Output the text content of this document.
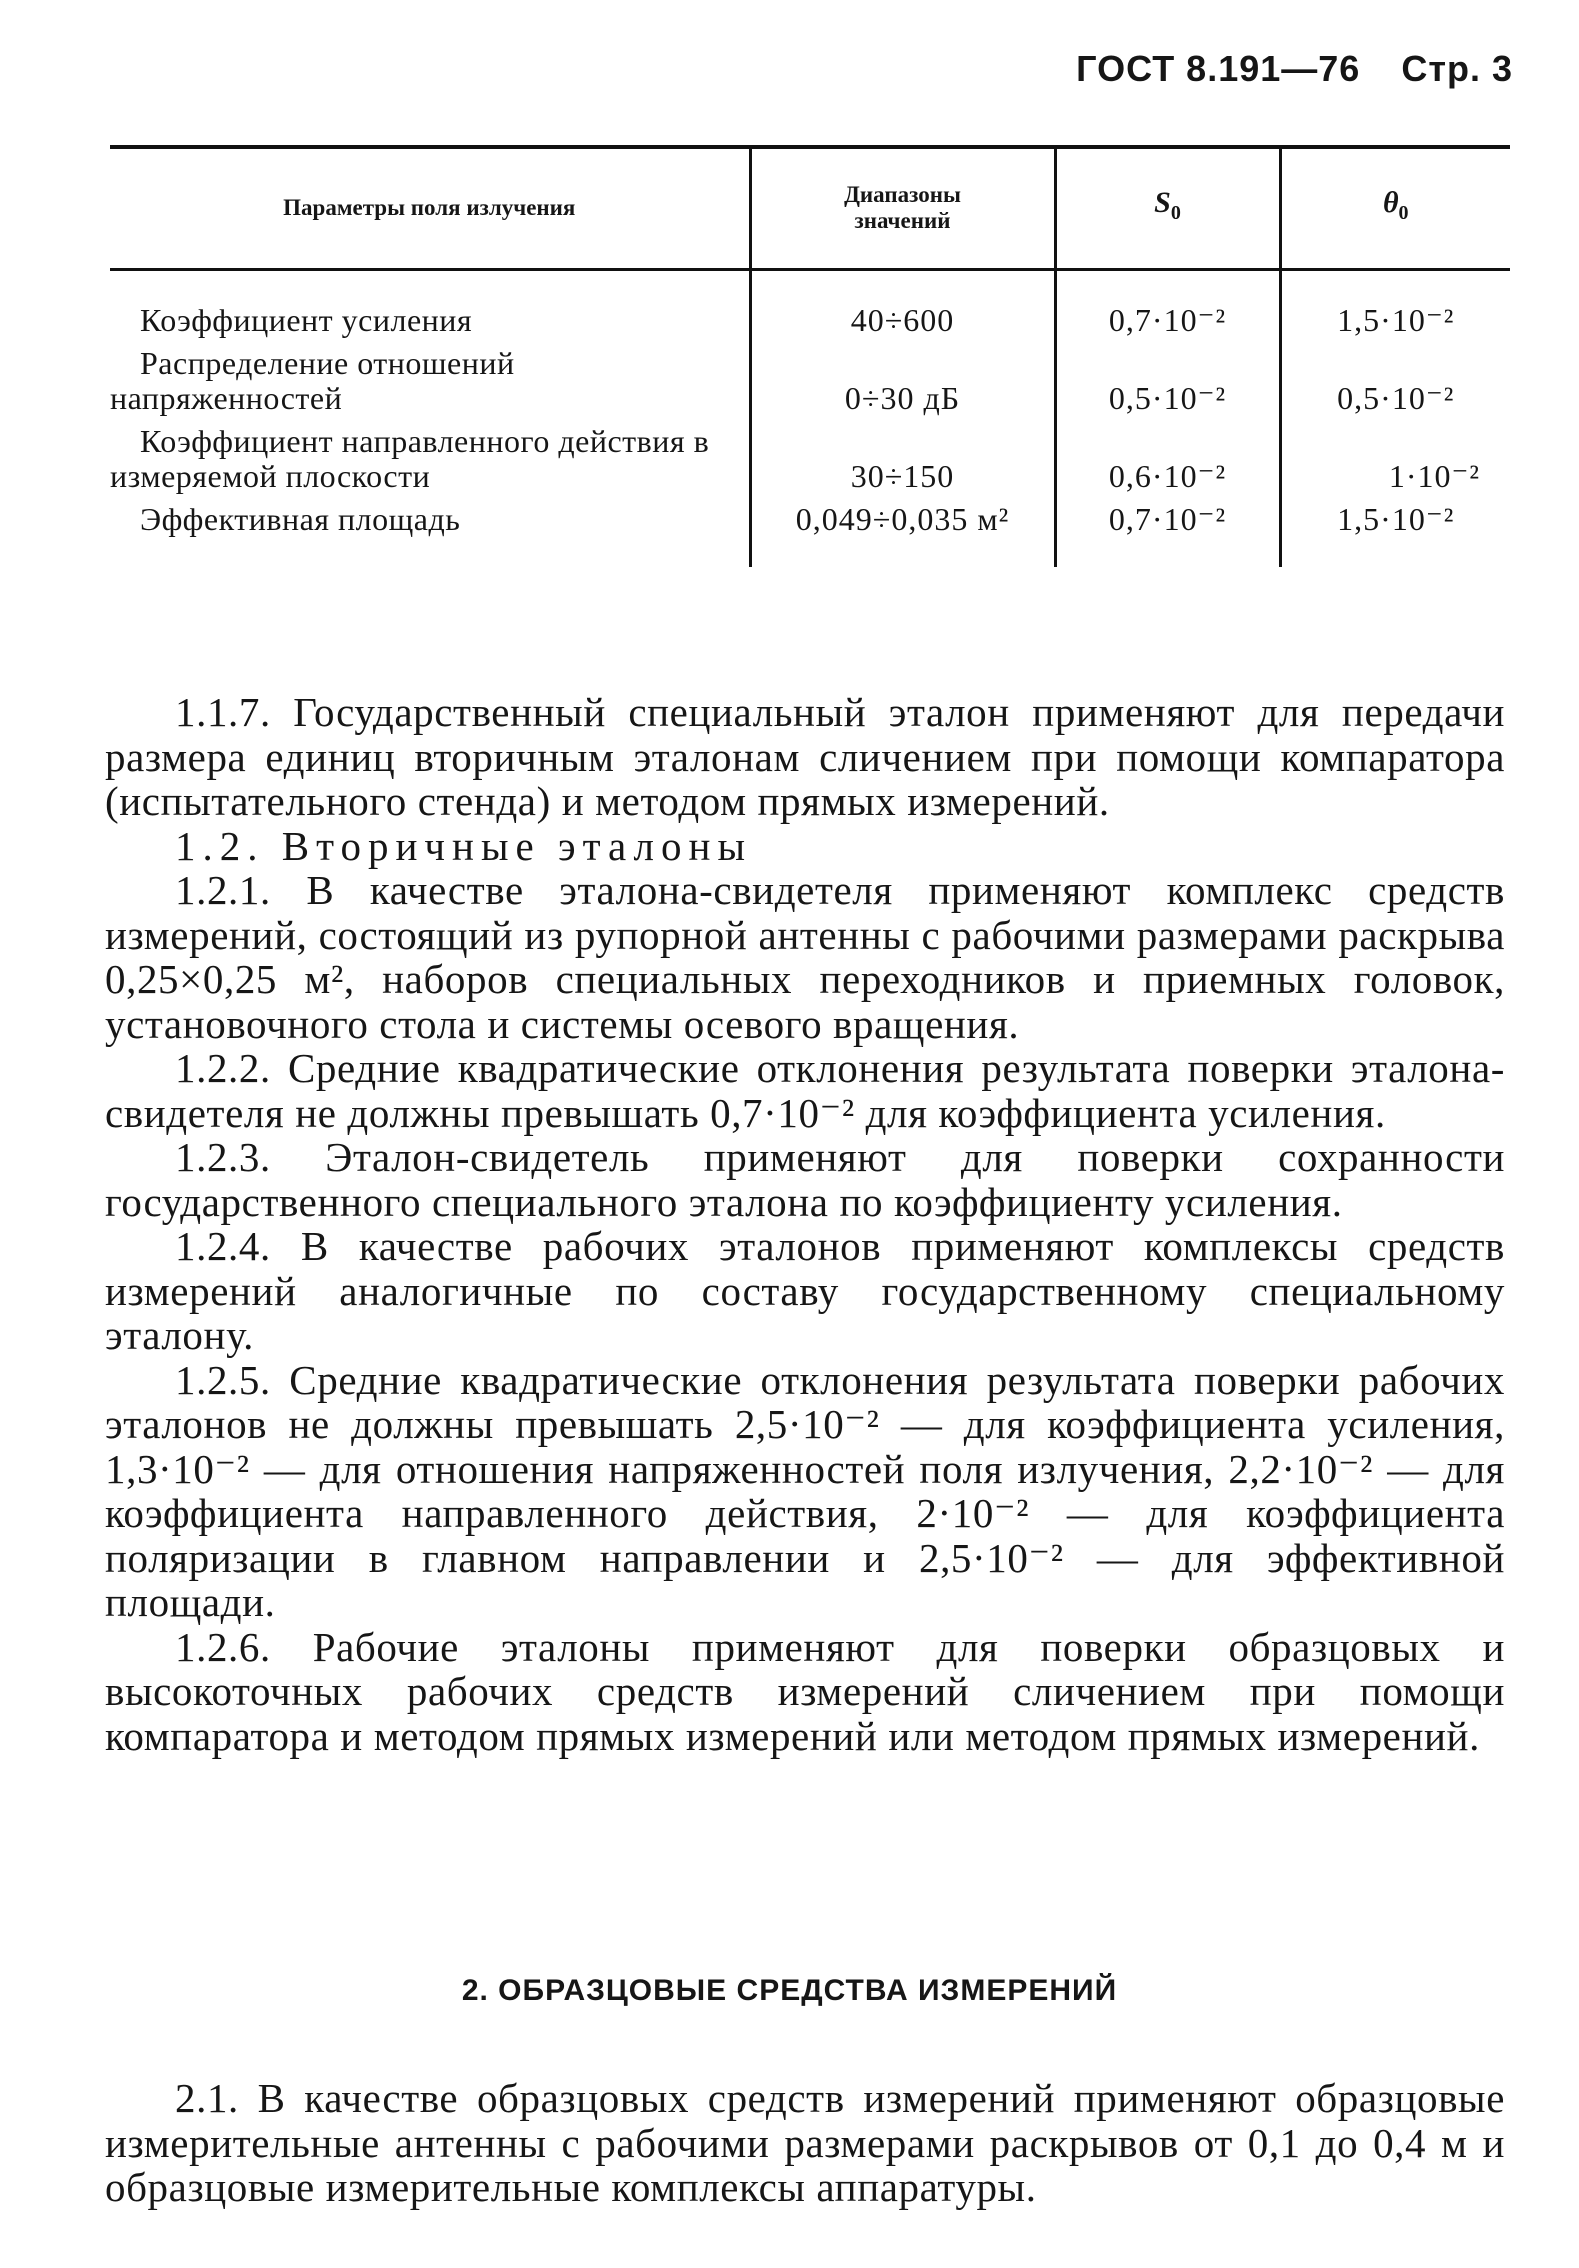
ГОСТ 8.191—76 Стр. 3
Параметры поля излучения	Диапазоны значений	$S_0$	$\theta_0$
Коэффициент усиления	40÷600	0,7·10⁻²	1,5·10⁻²

Распределение отношений напряженностей	0÷30 дБ	0,5·10⁻²	0,5·10⁻²

Коэффициент направленного действия в измеряемой плоскости	30÷150	0,6·10⁻²	1·10⁻²
Эффективная площадь	0,049÷0,035 м²	0,7·10⁻²	1,5·10⁻²

1.1.7. Государственный специальный эталон применяют для передачи размера единиц вторичным эталонам сличением при помощи компаратора (испытательного стенда) и методом прямых измерений.

1.2. Вторичные эталоны

1.2.1. В качестве эталона-свидетеля применяют комплекс средств измерений, состоящий из рупорной антенны с рабочими размерами раскрыва 0,25×0,25 м², наборов специальных переходников и приемных головок, установочного стола и системы осевого вращения.

1.2.2. Средние квадратические отклонения результата поверки эталона-свидетеля не должны превышать 0,7·10⁻² для коэффициента усиления.

1.2.3. Эталон-свидетель применяют для поверки сохранности государственного специального эталона по коэффициенту усиления.

1.2.4. В качестве рабочих эталонов применяют комплексы средств измерений аналогичные по составу государственному специальному эталону.

1.2.5. Средние квадратические отклонения результата поверки рабочих эталонов не должны превышать 2,5·10⁻² — для коэффициента усиления, 1,3·10⁻² — для отношения напряженностей поля излучения, 2,2·10⁻² — для коэффициента направленного действия, 2·10⁻² — для коэффициента поляризации в главном направлении и 2,5·10⁻² — для эффективной площади.

1.2.6. Рабочие эталоны применяют для поверки образцовых и высокоточных рабочих средств измерений сличением при помощи компаратора и методом прямых измерений или методом прямых измерений.

2. ОБРАЗЦОВЫЕ СРЕДСТВА ИЗМЕРЕНИЙ

2.1. В качестве образцовых средств измерений применяют образцовые измерительные антенны с рабочими размерами раскрывов от 0,1 до 0,4 м и образцовые измерительные комплексы аппаратуры.
